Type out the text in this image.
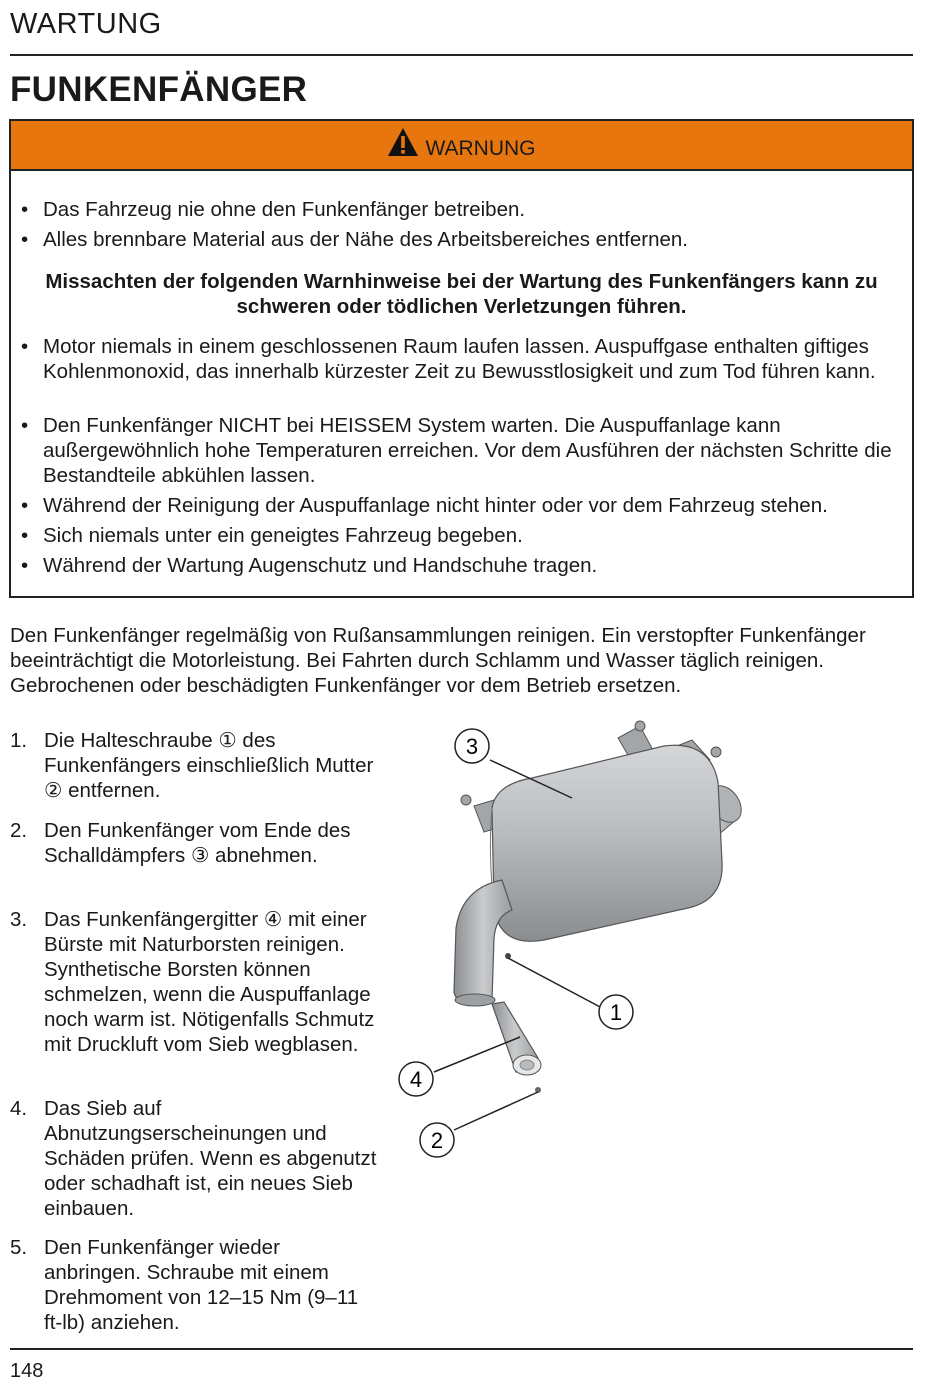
WARTUNG
FUNKENFÄNGER
WARNUNG
• Das Fahrzeug nie ohne den Funkenfänger betreiben.
• Alles brennbare Material aus der Nähe des Arbeitsbereiches entfernen.
Missachten der folgenden Warnhinweise bei der Wartung des Funkenfängers kann zu schweren oder tödlichen Verletzungen führen.
• Motor niemals in einem geschlossenen Raum laufen lassen. Auspuffgase enthalten giftiges Kohlenmonoxid, das innerhalb kürzester Zeit zu Bewusstlosigkeit und zum Tod führen kann.
• Den Funkenfänger NICHT bei HEISSEM System warten. Die Auspuffanlage kann außergewöhnlich hohe Temperaturen erreichen. Vor dem Ausführen der nächsten Schritte die Bestandteile abkühlen lassen.
• Während der Reinigung der Auspuffanlage nicht hinter oder vor dem Fahrzeug stehen.
• Sich niemals unter ein geneigtes Fahrzeug begeben.
• Während der Wartung Augenschutz und Handschuhe tragen.
Den Funkenfänger regelmäßig von Rußansammlungen reinigen. Ein verstopfter Funkenfänger beeinträchtigt die Motorleistung. Bei Fahrten durch Schlamm und Wasser täglich reinigen. Gebrochenen oder beschädigten Funkenfänger vor dem Betrieb ersetzen.
1. Die Halteschraube ① des Funkenfängers einschließlich Mutter ② entfernen.
2. Den Funkenfänger vom Ende des Schalldämpfers ③ abnehmen.
3. Das Funkenfängergitter ④ mit einer Bürste mit Naturborsten reinigen. Synthetische Borsten können schmelzen, wenn die Auspuffanlage noch warm ist. Nötigenfalls Schmutz mit Druckluft vom Sieb wegblasen.
4. Das Sieb auf Abnutzungserscheinungen und Schäden prüfen. Wenn es abgenutzt oder schadhaft ist, ein neues Sieb einbauen.
5. Den Funkenfänger wieder anbringen. Schraube mit einem Drehmoment von 12–15 Nm (9–11 ft-lb) anziehen.
3
1
4
2
148
